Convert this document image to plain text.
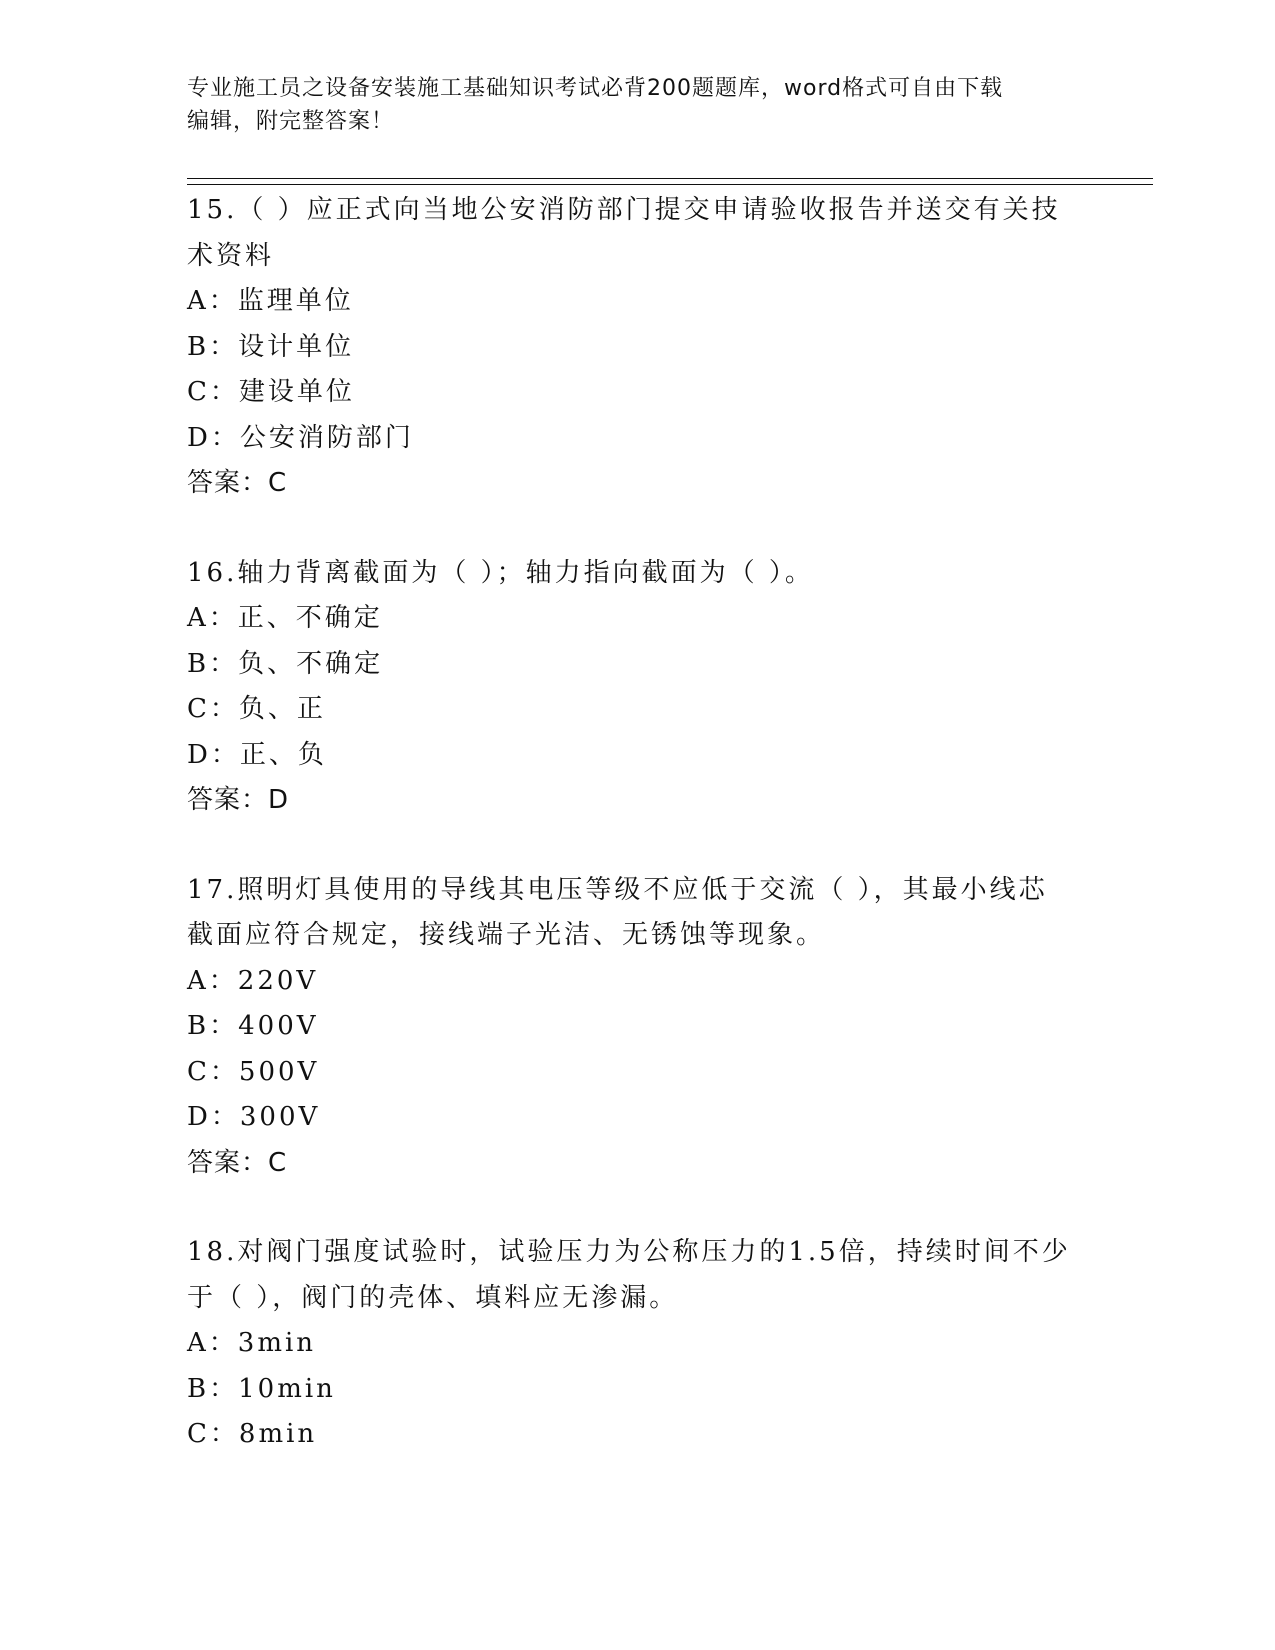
专业施工员之设备安装施工基础知识考试必背200题题库，word格式可自由下载
编辑，附完整答案！
15.（ ）应正式向当地公安消防部门提交申请验收报告并送交有关技
术资料
A：监理单位
B：设计单位
C：建设单位
D：公安消防部门
答案：C
16.轴力背离截面为（ ）；轴力指向截面为（ ）。
A：正、不确定
B：负、不确定
C：负、正
D：正、负
答案：D
17.照明灯具使用的导线其电压等级不应低于交流（ ），其最小线芯
截面应符合规定，接线端子光洁、无锈蚀等现象。
A：220V
B：400V
C：500V
D：300V
答案：C
18.对阀门强度试验时，试验压力为公称压力的1.5倍，持续时间不少
于（ ），阀门的壳体、填料应无渗漏。
A：3min
B：10min
C：8min
